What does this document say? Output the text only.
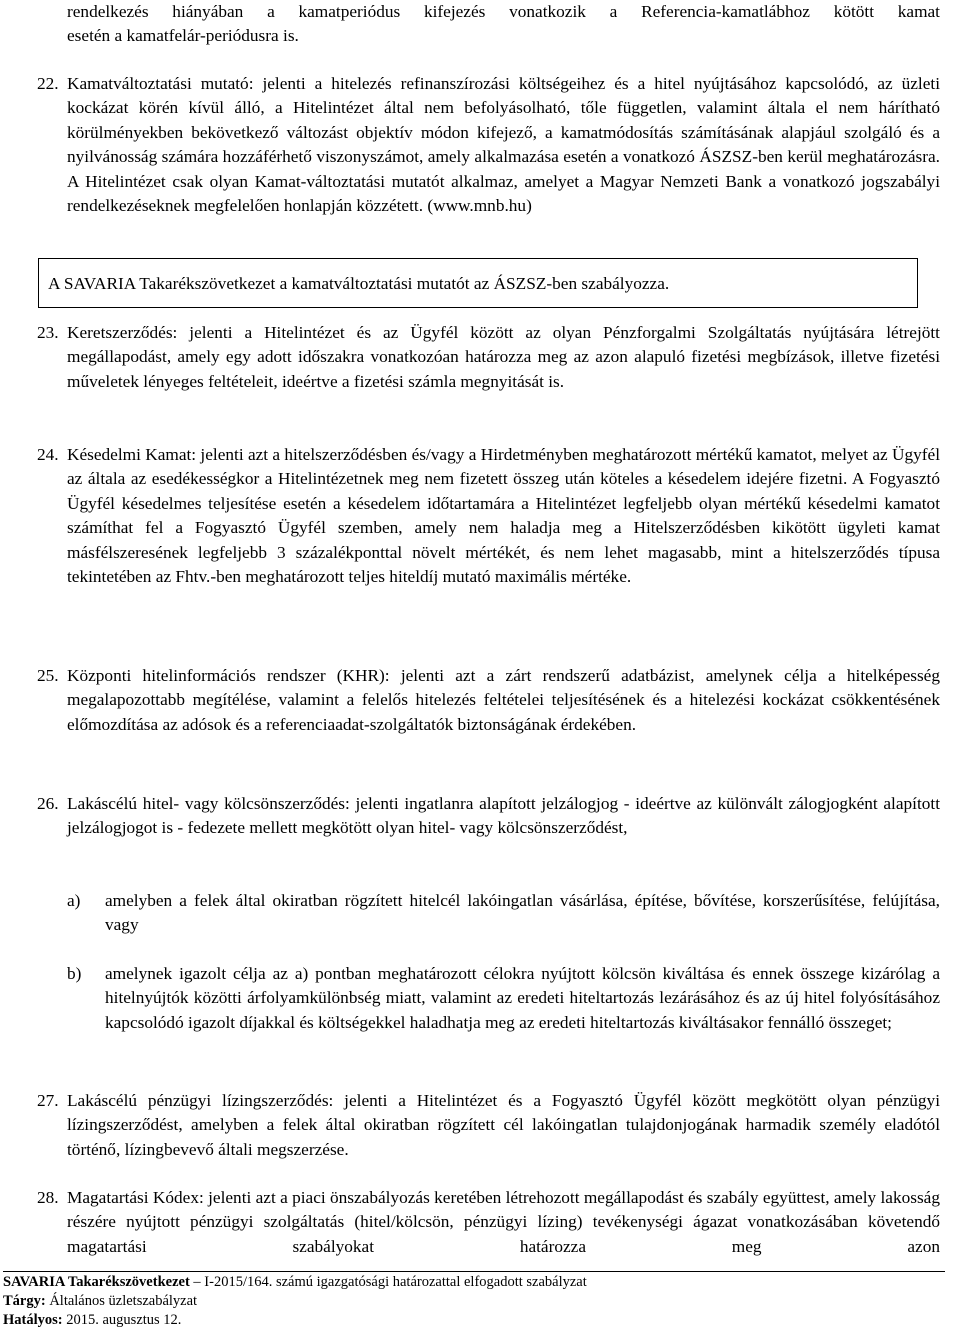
rendelkezés hiányában a kamatperiódus kifejezés vonatkozik a Referencia-kamatlábhoz kötött kamat
esetén a kamatfelár-periódusra is.
22. Kamatváltoztatási mutató: jelenti a hitelezés refinanszírozási költségeihez és a hitel nyújtásához kapcsolódó, az üzleti kockázat körén kívül álló, a Hitelintézet által nem befolyásolható, tőle független, valamint általa el nem hárítható körülményekben bekövetkező változást objektív módon kifejező, a kamatmódosítás számításának alapjául szolgáló és a nyilvánosság számára hozzáférhető viszonyszámot, amely alkalmazása esetén a vonatkozó ÁSZSZ-ben kerül meghatározásra. A Hitelintézet csak olyan Kamat-változtatási mutatót alkalmaz, amelyet a Magyar Nemzeti Bank a vonatkozó jogszabályi rendelkezéseknek megfelelően honlapján közzétett. (www.mnb.hu)

A SAVARIA Takarékszövetkezet a kamatváltoztatási mutatót az ÁSZSZ-ben szabályozza.
23. Keretszerződés: jelenti a Hitelintézet és az Ügyfél között az olyan Pénzforgalmi Szolgáltatás nyújtására létrejött megállapodást, amely egy adott időszakra vonatkozóan határozza meg az azon alapuló fizetési megbízások, illetve fizetési műveletek lényeges feltételeit, ideértve a fizetési számla megnyitását is.

24. Késedelmi Kamat: jelenti azt a hitelszerződésben és/vagy a Hirdetményben meghatározott mértékű kamatot, melyet az Ügyfél az általa az esedékességkor a Hitelintézetnek meg nem fizetett összeg után köteles a késedelem idejére fizetni. A Fogyasztó Ügyfél késedelmes teljesítése esetén a késedelem időtartamára a Hitelintézet legfeljebb olyan mértékű késedelmi kamatot számíthat fel a Fogyasztó Ügyfél szemben, amely nem haladja meg a Hitelszerződésben kikötött ügyleti kamat másfélszeresének legfeljebb 3 százalékponttal növelt mértékét, és nem lehet magasabb, mint a hitelszerződés típusa tekintetében az Fhtv.-ben meghatározott teljes hiteldíj mutató maximális mértéke.

25. Központi hitelinformációs rendszer (KHR): jelenti azt a zárt rendszerű adatbázist, amelynek célja a hitelképesség megalapozottabb megítélése, valamint a felelős hitelezés feltételei teljesítésének és a hitelezési kockázat csökkentésének előmozdítása az adósok és a referenciaadat-szolgáltatók biztonságának érdekében.

26. Lakáscélú hitel- vagy kölcsönszerződés: jelenti ingatlanra alapított jelzálogjog - ideértve az különvált zálogjogként alapított jelzálogjogot is - fedezete mellett megkötött olyan hitel- vagy kölcsönszerződést,

a) amelyben a felek által okiratban rögzített hitelcél lakóingatlan vásárlása, építése, bővítése, korszerűsítése, felújítása, vagy
b) amelynek igazolt célja az a) pontban meghatározott célokra nyújtott kölcsön kiváltása és ennek összege kizárólag a hitelnyújtók közötti árfolyamkülönbség miatt, valamint az eredeti hiteltartozás lezárásához és az új hitel folyósításához kapcsolódó igazolt díjakkal és költségekkel haladhatja meg az eredeti hiteltartozás kiváltásakor fennálló összeget;
27. Lakáscélú pénzügyi lízingszerződés: jelenti a Hitelintézet és a Fogyasztó Ügyfél között megkötött olyan pénzügyi lízingszerződést, amelyben a felek által okiratban rögzített cél lakóingatlan tulajdonjogának harmadik személy eladótól történő, lízingbevevő általi megszerzése.

28. Magatartási Kódex: jelenti azt a piaci önszabályozás keretében létrehozott megállapodást és szabály együttest, amely lakosság részére nyújtott pénzügyi szolgáltatás (hitel/kölcsön, pénzügyi lízing) tevékenységi ágazat vonatkozásában követendő magatartási szabályokat határozza meg azon

SAVARIA Takarékszövetkezet – I-2015/164. számú igazgatósági határozattal elfogadott szabályzat
Tárgy: Általános üzletszabályzat
Hatályos: 2015. augusztus 12.
